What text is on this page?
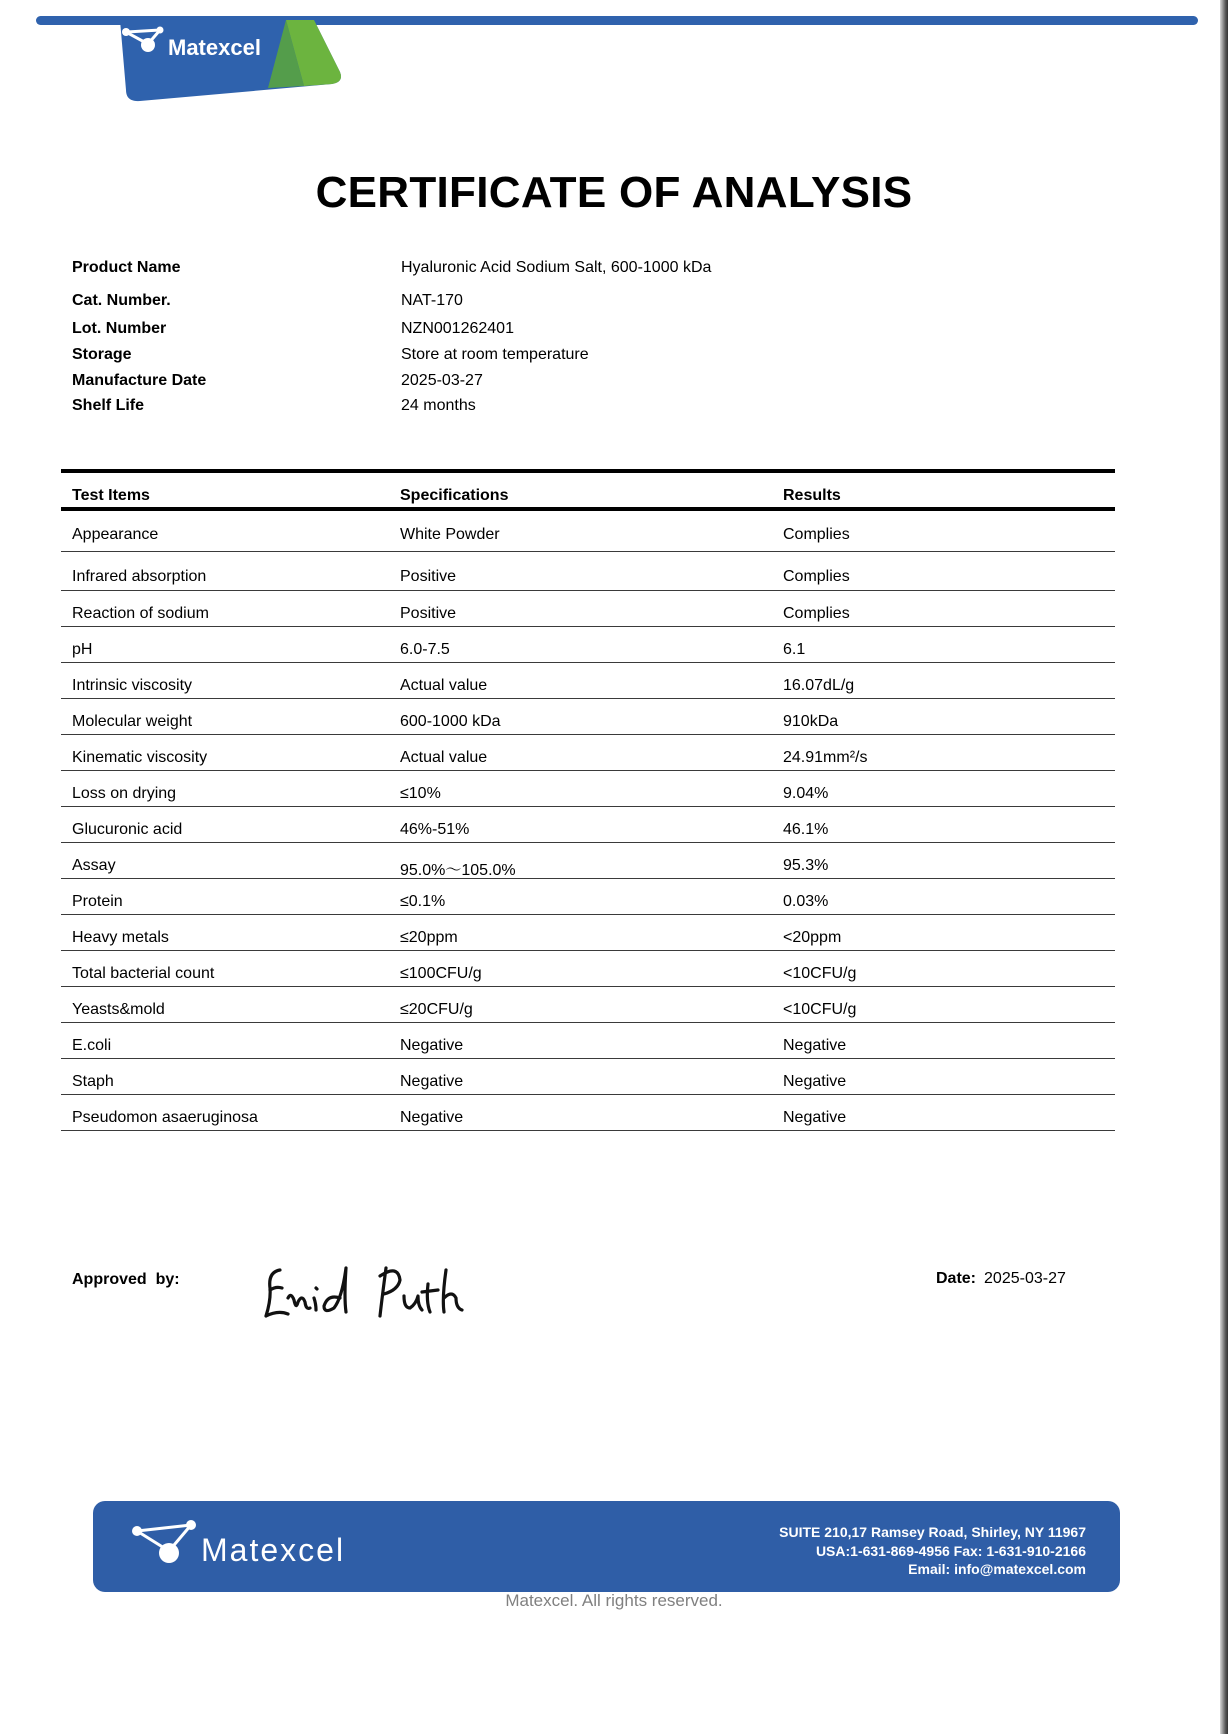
Matexcel
CERTIFICATE OF ANALYSIS
Product Name	Hyaluronic Acid Sodium Salt, 600-1000 kDa
Cat. Number.	NAT-170
Lot. Number	NZN001262401
Storage	Store at room temperature
Manufacture Date	2025-03-27
Shelf Life	24 months
Test Items	Specifications	Results
Appearance	White Powder	Complies
Infrared absorption	Positive	Complies
Reaction of sodium	Positive	Complies
pH	6.0-7.5	6.1
Intrinsic viscosity	Actual value	16.07dL/g
Molecular weight	600-1000 kDa	910kDa
Kinematic viscosity	Actual value	24.91mm²/s
Loss on drying	≤10%	9.04%
Glucuronic acid	46%-51%	46.1%
Assay	95.0%～105.0%	95.3%
Protein	≤0.1%	0.03%
Heavy metals	≤20ppm	<20ppm
Total bacterial count	≤100CFU/g	<10CFU/g
Yeasts&mold	≤20CFU/g	<10CFU/g
E.coli	Negative	Negative
Staph	Negative	Negative
Pseudomon asaeruginosa	Negative	Negative
Approved  by:	Date: 2025-03-27
Matexcel	SUITE 210,17 Ramsey Road, Shirley, NY 11967
USA:1-631-869-4956 Fax: 1-631-910-2166
Email: info@matexcel.com
Matexcel. All rights reserved.
